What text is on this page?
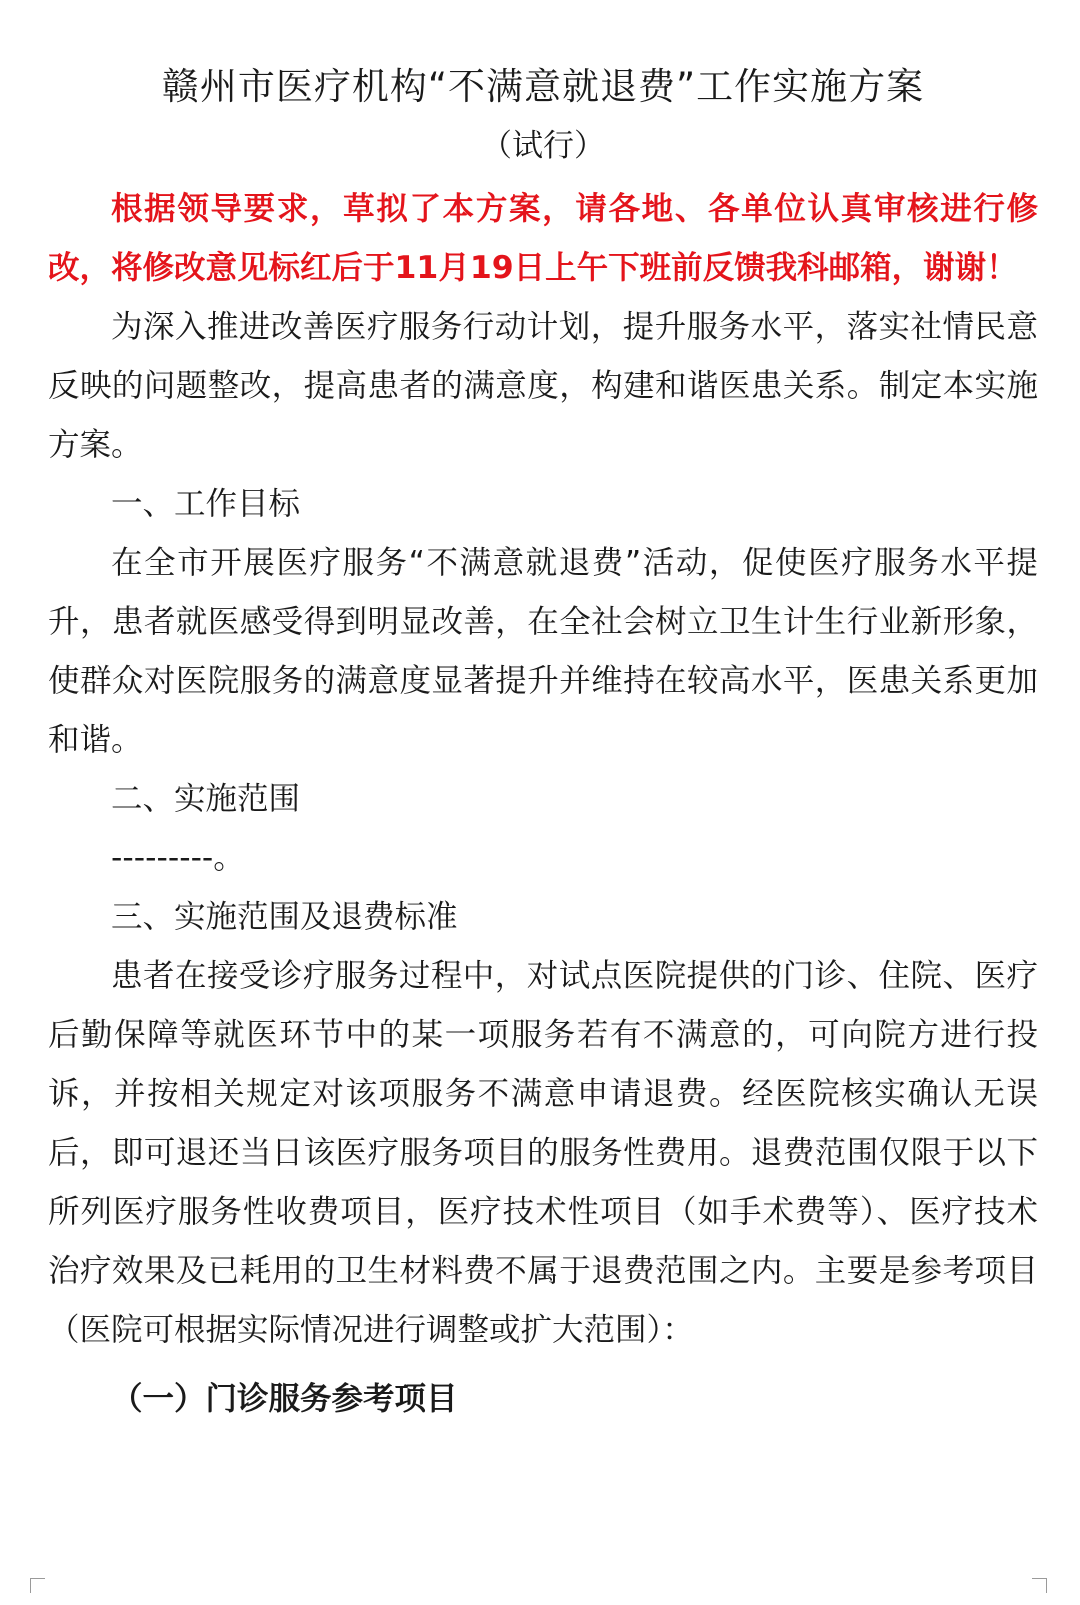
赣州市医疗机构“不满意就退费”工作实施方案
（试行）

根据领导要求，草拟了本方案，请各地、各单位认真审核进行修改，将修改意见标红后于11月19日上午下班前反馈我科邮箱，谢谢！

为深入推进改善医疗服务行动计划，提升服务水平，落实社情民意反映的问题整改，提高患者的满意度，构建和谐医患关系。制定本实施方案。

一、工作目标

在全市开展医疗服务“不满意就退费”活动，促使医疗服务水平提升，患者就医感受得到明显改善，在全社会树立卫生计生行业新形象，使群众对医院服务的满意度显著提升并维持在较高水平，医患关系更加和谐。

二、实施范围

---------。

三、实施范围及退费标准

患者在接受诊疗服务过程中，对试点医院提供的门诊、住院、医疗后勤保障等就医环节中的某一项服务若有不满意的，可向院方进行投诉，并按相关规定对该项服务不满意申请退费。经医院核实确认无误后，即可退还当日该医疗服务项目的服务性费用。退费范围仅限于以下所列医疗服务性收费项目，医疗技术性项目（如手术费等）、医疗技术治疗效果及已耗用的卫生材料费不属于退费范围之内。主要是参考项目（医院可根据实际情况进行调整或扩大范围）：

（一）门诊服务参考项目
